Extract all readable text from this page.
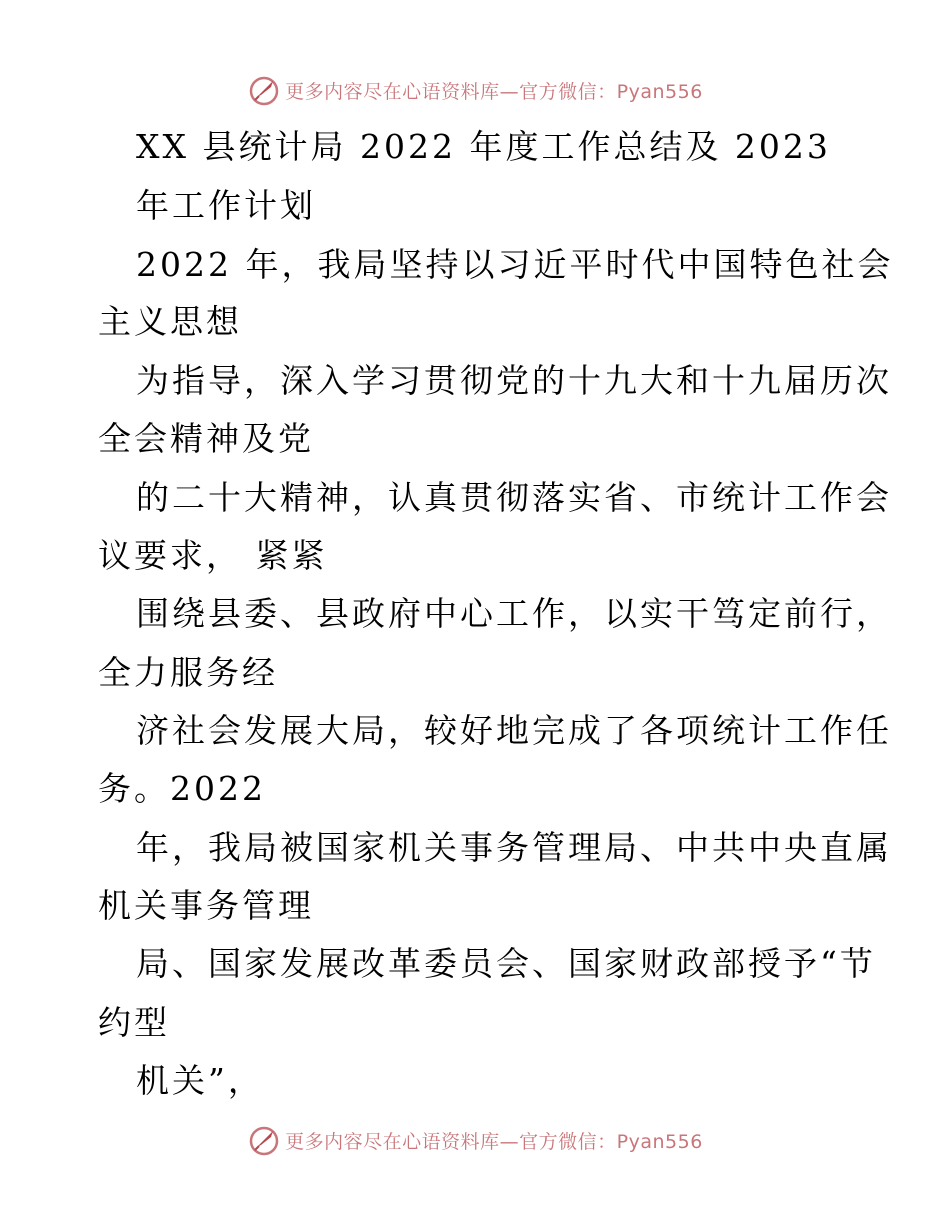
更多内容尽在心语资料库—官方微信：Pyan556
XX 县统计局 2022 年度工作总结及 2023
年工作计划
2022 年，我局坚持以习近平时代中国特色社会
主义思想
为指导，深入学习贯彻党的十九大和十九届历次
全会精神及党
的二十大精神，认真贯彻落实省、市统计工作会
议要求， 紧紧
围绕县委、县政府中心工作，以实干笃定前行，
全力服务经
济社会发展大局，较好地完成了各项统计工作任
务。2022
年，我局被国家机关事务管理局、中共中央直属
机关事务管理
局、国家发展改革委员会、国家财政部授予“节
约型
机关”，
更多内容尽在心语资料库—官方微信：Pyan556
